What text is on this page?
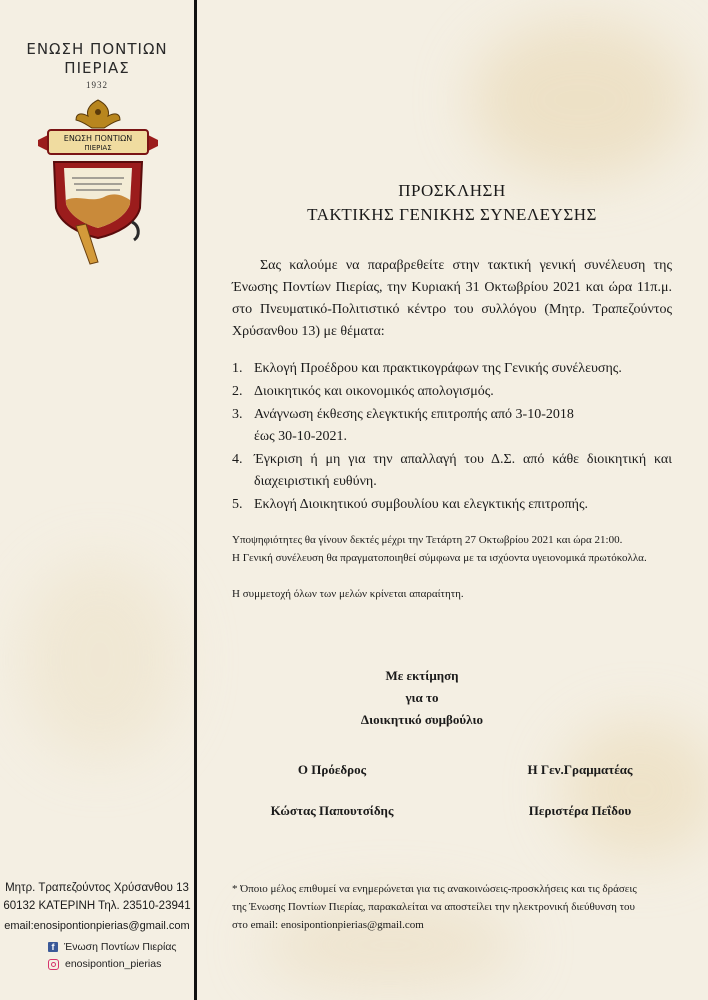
ΕΝΩΣΗ ΠΟΝΤΙΩΝ
ΠΙΕΡΙΑΣ
1932
ΕΝΩΣΗ ΠΟΝΤΙΩΝ
ΠΙΕΡΙΑΣ
Μητρ. Τραπεζούντος Χρύσανθου 13
60132 ΚΑΤΕΡΙΝΗ Τηλ. 23510-23941
email:enosipontionpierias@gmail.com
f Ένωση Ποντίων Πιερίας
enosipontion_pierias
ΠΡΟΣΚΛΗΣΗ
ΤΑΚΤΙΚΗΣ ΓΕΝΙΚΗΣ ΣΥΝΕΛΕΥΣΗΣ
Σας καλούμε να παραβρεθείτε στην τακτική γενική συνέλευση της Ένωσης Ποντίων Πιερίας, την Κυριακή 31 Οκτωβρίου 2021 και ώρα 11π.μ. στο Πνευματικό-Πολιτιστικό κέντρο του συλλόγου (Μητρ. Τραπεζούντος Χρύσανθου 13) με θέματα:
1. Εκλογή Προέδρου και πρακτικογράφων της Γενικής συνέλευσης.
2. Διοικητικός και οικονομικός απολογισμός.
3. Ανάγνωση έκθεσης ελεγκτικής επιτροπής από 3-10-2018 έως 30-10-2021.
4. Έγκριση ή μη για την απαλλαγή του Δ.Σ. από κάθε διοικητική και διαχειριστική ευθύνη.
5. Εκλογή Διοικητικού συμβουλίου και ελεγκτικής επιτροπής.
Υποψηφιότητες θα γίνουν δεκτές μέχρι την Τετάρτη 27 Οκτωβρίου 2021 και ώρα 21:00.
Η Γενική συνέλευση θα πραγματοποιηθεί σύμφωνα με τα ισχύοντα υγειονομικά πρωτόκολλα.
Η συμμετοχή όλων των μελών κρίνεται απαραίτητη.
Με εκτίμηση
για το
Διοικητικό συμβούλιο
Ο Πρόεδρος
Κώστας Παπουτσίδης
Η Γεν.Γραμματέας
Περιστέρα Πεΐδου
* Όποιο μέλος επιθυμεί να ενημερώνεται για τις ανακοινώσεις-προσκλήσεις και τις δράσεις της Ένωσης Ποντίων Πιερίας, παρακαλείται να αποστείλει την ηλεκτρονική διεύθυνση του στο email: enosipontionpierias@gmail.com
